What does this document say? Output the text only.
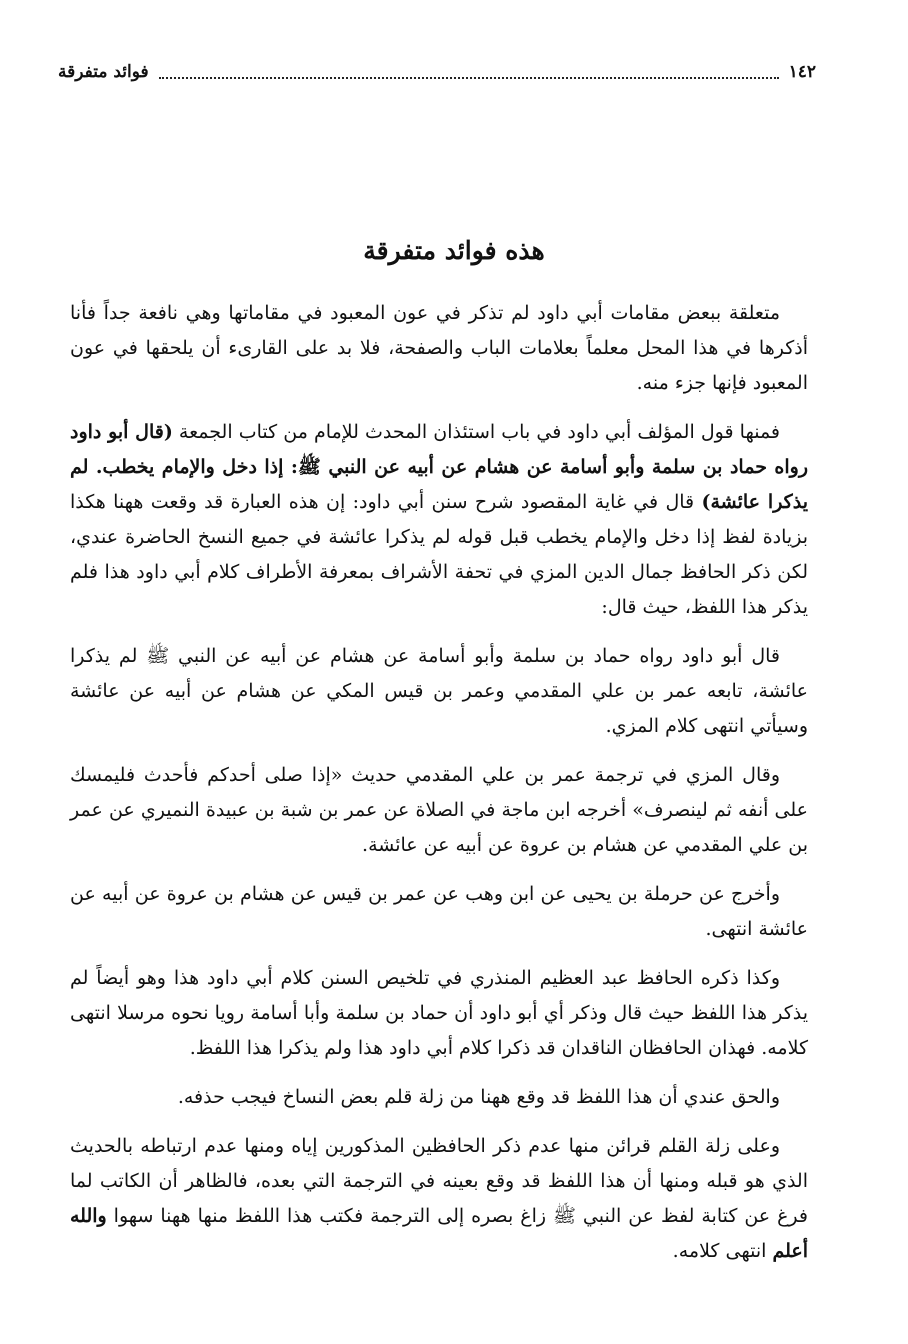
١٤٢
فوائد متفرقة
هذه فوائد متفرقة

متعلقة ببعض مقامات أبي داود لم تذكر في عون المعبود في مقاماتها وهي نافعة جداً فأنا أذكرها في هذا المحل معلماً بعلامات الباب والصفحة، فلا بد على القارىء أن يلحقها في عون المعبود فإنها جزء منه.

فمنها قول المؤلف أبي داود في باب استئذان المحدث للإمام من كتاب الجمعة (قال أبو داود رواه حماد بن سلمة وأبو أسامة عن هشام عن أبيه عن النبي ﷺ: إذا دخل والإمام يخطب. لم يذكرا عائشة) قال في غاية المقصود شرح سنن أبي داود: إن هذه العبارة قد وقعت ههنا هكذا بزيادة لفظ إذا دخل والإمام يخطب قبل قوله لم يذكرا عائشة في جميع النسخ الحاضرة عندي، لكن ذكر الحافظ جمال الدين المزي في تحفة الأشراف بمعرفة الأطراف كلام أبي داود هذا فلم يذكر هذا اللفظ، حيث قال:

قال أبو داود رواه حماد بن سلمة وأبو أسامة عن هشام عن أبيه عن النبي ﷺ لم يذكرا عائشة، تابعه عمر بن علي المقدمي وعمر بن قيس المكي عن هشام عن أبيه عن عائشة وسيأتي انتهى كلام المزي.

وقال المزي في ترجمة عمر بن علي المقدمي حديث «إذا صلى أحدكم فأحدث فليمسك على أنفه ثم لينصرف» أخرجه ابن ماجة في الصلاة عن عمر بن شبة بن عبيدة النميري عن عمر بن علي المقدمي عن هشام بن عروة عن أبيه عن عائشة.

وأخرج عن حرملة بن يحيى عن ابن وهب عن عمر بن قيس عن هشام بن عروة عن أبيه عن عائشة انتهى.

وكذا ذكره الحافظ عبد العظيم المنذري في تلخيص السنن كلام أبي داود هذا وهو أيضاً لم يذكر هذا اللفظ حيث قال وذكر أي أبو داود أن حماد بن سلمة وأبا أسامة رويا نحوه مرسلا انتهى كلامه. فهذان الحافظان الناقدان قد ذكرا كلام أبي داود هذا ولم يذكرا هذا اللفظ.

والحق عندي أن هذا اللفظ قد وقع ههنا من زلة قلم بعض النساخ فيجب حذفه.

وعلى زلة القلم قرائن منها عدم ذكر الحافظين المذكورين إياه ومنها عدم ارتباطه بالحديث الذي هو قبله ومنها أن هذا اللفظ قد وقع بعينه في الترجمة التي بعده، فالظاهر أن الكاتب لما فرغ عن كتابة لفظ عن النبي ﷺ زاغ بصره إلى الترجمة فكتب هذا اللفظ منها ههنا سهوا والله أعلم انتهى كلامه.
